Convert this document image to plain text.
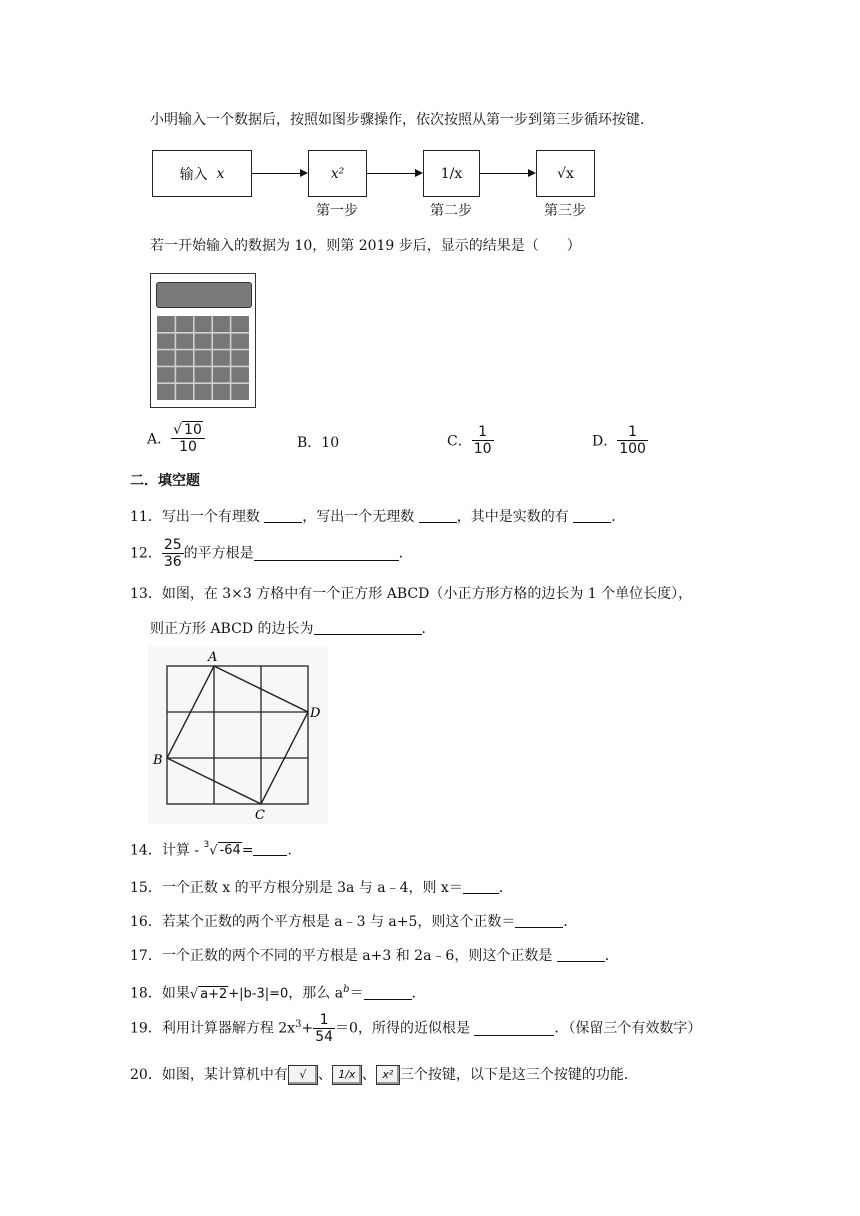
小明输入一个数据后，按照如图步骤操作，依次按照从第一步到第三步循环按键．
输入
x	x²	1/x	√x
第一步	第二步	第三步
若一开始输入的数据为 10，则第 2019 步后，显示的结果是（　　）
A． $\frac{√ 10}{10}$	B．10	C． $\frac{1}{10}$	D． $\frac{1}{100}$
二．填空题
11．写出一个有理数	，写出一个无理数	，其中是实数的有	．
12． $\frac{25}{36}$ 的平方根是	．
13．如图，在 3×3 方格中有一个正方形 ABCD（小正方形方格的边长为 1 个单位长度），
则正方形 ABCD 的边长为	．
A
D
B
C
14．计算 - $^3$√ -64= ．
15．一个正数 x 的平方根分别是 3a 与 a﹣4，则 x＝	．
16．若某个正数的两个平方根是 a﹣3 与 a+5，则这个正数＝	．
17．一个正数的两个不同的平方根是 a+3 和 2a﹣6，则这个正数是	．
18．如果√ a+2+|b-3|=0，那么 $a^b=$	．
19．利用计算器解方程 $2x^3+ \frac{1}{54} =0$，所得的近似根是	．（保留三个有效数字）
20．如图，某计算机中有 √ 、 1/x 、 x² 三个按键，以下是这三个按键的功能．
